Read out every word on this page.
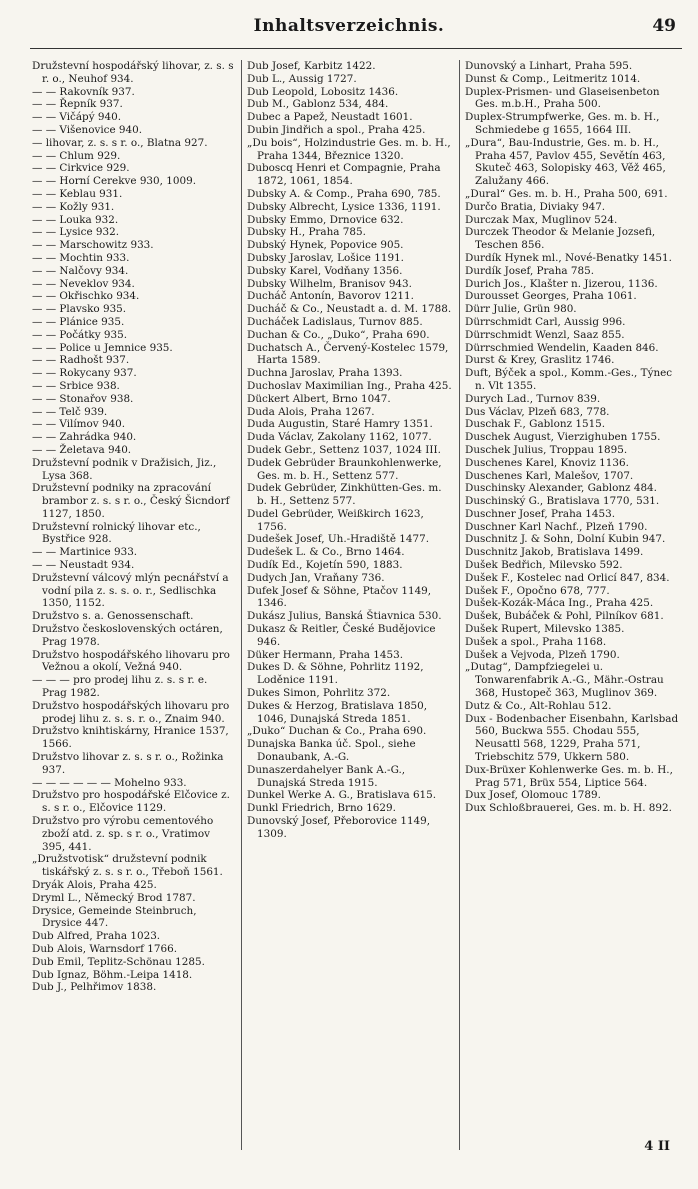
Inhaltsverzeichnis.	49

Družstevní hospodářský lihovar, z. s. s r. o., Neuhof 934.

— — Rakovník 937.

— — Řepník 937.

— — Vičápý 940.

— — Višenovice 940.

— lihovar, z. s. s r. o., Blatna 927.

— — Chlum 929.

— — Cirkvice 929.

— — Horní Cerekve 930, 1009.

— — Keblau 931.

— — Kožly 931.

— — Louka 932.

— — Lysice 932.

— — Marschowitz 933.

— — Mochtin 933.

— — Nalčovy 934.

— — Neveklov 934.

— — Okřischko 934.

— — Plavsko 935.

— — Plánice 935.

— — Počátky 935.

— — Police u Jemnice 935.

— — Radhošt 937.

— — Rokycany 937.

— — Srbice 938.

— — Stonařov 938.

— — Telč 939.

— — Vilímov 940.

— — Zahrádka 940.

— — Želetava 940.

Družstevní podnik v Dražisich, Jiz., Lysa 368.

Družstevní podniky na zpracování brambor z. s. s r. o., Český Šicndorf 1127, 1850.

Družstevní rolnický lihovar etc., Bystřice 928.

— — Martinice 933.

— — Neustadt 934.

Družstevní válcový mlýn pecnářství a vodní pila z. s. s. o. r., Sedlischka 1350, 1152.

Družstvo s. a. Genossenschaft.

Družstvo československých octáren, Prag 1978.

Družstvo hospodářského lihovaru pro Vežnou a okolí, Vežná 940.

— — — pro prodej lihu z. s. s r. e. Prag 1982.

Družstvo hospodářských lihovaru pro prodej lihu z. s. s. r. o., Znaim 940.

Družstvo knihtiskárny, Hranice 1537, 1566.

Družstvo lihovar z. s. s r. o., Rožinka 937.

— — — — — — Mohelno 933.

Družstvo pro hospodářské Elčovice z. s. s r. o., Elčovice 1129.

Družstvo pro výrobu cementového zboží atd. z. sp. s r. o., Vratimov 395, 441.

„Družstvotisk“ družstevní podnik tiskářský z. s. s r. o., Třeboň 1561.

Dryák Alois, Praha 425.

Dryml L., Německý Brod 1787.

Drysice, Gemeinde Steinbruch, Drysice 447.

Dub Alfred, Praha 1023.

Dub Alois, Warnsdorf 1766.

Dub Emil, Teplitz-Schönau 1285.

Dub Ignaz, Böhm.-Leipa 1418.

Dub J., Pelhřimov 1838.

Dub Josef, Karbitz 1422.

Dub L., Aussig 1727.

Dub Leopold, Lobositz 1436.

Dub M., Gablonz 534, 484.

Dubec a Papež, Neustadt 1601.

Dubin Jindřich a spol., Praha 425.

„Du bois“, Holzindustrie Ges. m. b. H., Praha 1344, Březnice 1320.

Duboscq Henri et Compagnie, Praha 1872, 1061, 1854.

Dubsky A. & Comp., Praha 690, 785.

Dubsky Albrecht, Lysice 1336, 1191.

Dubsky Emmo, Drnovice 632.

Dubsky H., Praha 785.

Dubský Hynek, Popovice 905.

Dubsky Jaroslav, Lošice 1191.

Dubsky Karel, Vodňany 1356.

Dubsky Wilhelm, Branisov 943.

Ducháč Antonín, Bavorov 1211.

Ducháč & Co., Neustadt a. d. M. 1788.

Ducháček Ladislaus, Turnov 885.

Duchan & Co., „Duko“, Praha 690.

Duchatsch A., Červený-Kostelec 1579, Harta 1589.

Duchna Jaroslav, Praha 1393.

Duchoslav Maximilian Ing., Praha 425.

Dückert Albert, Brno 1047.

Duda Alois, Praha 1267.

Duda Augustin, Staré Hamry 1351.

Duda Václav, Zakolany 1162, 1077.

Dudek Gebr., Settenz 1037, 1024 III.

Dudek Gebrüder Braunkohlenwerke, Ges. m. b. H., Settenz 577.

Dudek Gebrüder, Zinkhütten-Ges. m. b. H., Settenz 577.

Dudel Gebrüder, Weißkirch 1623, 1756.

Dudešek Josef, Uh.-Hradiště 1477.

Dudešek L. & Co., Brno 1464.

Dudík Ed., Kojetín 590, 1883.

Dudych Jan, Vraňany 736.

Dufek Josef & Söhne, Ptačov 1149, 1346.

Dukász Julius, Banská Štiavnica 530.

Dukasz & Reitler, České Budějovice 946.

Düker Hermann, Praha 1453.

Dukes D. & Söhne, Pohrlitz 1192, Loděnice 1191.

Dukes Simon, Pohrlitz 372.

Dukes & Herzog, Bratislava 1850, 1046, Dunajská Streda 1851.

„Duko“ Duchan & Co., Praha 690.

Dunajska Banka úč. Spol., siehe Donaubank, A.-G.

Dunaszerdahelyer Bank A.-G., Dunajská Streda 1915.

Dunkel Werke A. G., Bratislava 615.

Dunkl Friedrich, Brno 1629.

Dunovský Josef, Přeborovice 1149, 1309.

Dunovský a Linhart, Praha 595.

Dunst & Comp., Leitmeritz 1014.

Duplex-Prismen- und Glaseisenbeton Ges. m.b.H., Praha 500.

Duplex-Strumpfwerke, Ges. m. b. H., Schmiedebe g 1655, 1664 III.

„Dura“, Bau-Industrie, Ges. m. b. H., Praha 457, Pavlov 455, Sevětín 463, Skuteč 463, Solopisky 463, Věž 465, Zalužany 466.

„Dural“ Ges. m. b. H., Praha 500, 691.

Durčo Bratia, Diviaky 947.

Durczak Max, Muglinov 524.

Durczek Theodor & Melanie Jozsefi, Teschen 856.

Durdík Hynek ml., Nové-Benatky 1451.

Durdík Josef, Praha 785.

Durich Jos., Klašter n. Jizerou, 1136.

Durousset Georges, Praha 1061.

Dürr Julie, Grün 980.

Dürrschmidt Carl, Aussig 996.

Dürrschmidt Wenzl, Saaz 855.

Dürrschmied Wendelin, Kaaden 846.

Durst & Krey, Graslitz 1746.

Duft, Býček a spol., Komm.-Ges., Týnec n. Vlt 1355.

Durych Lad., Turnov 839.

Dus Václav, Plzeň 683, 778.

Duschak F., Gablonz 1515.

Duschek August, Vierzighuben 1755.

Duschek Julius, Troppau 1895.

Duschenes Karel, Knoviz 1136.

Duschenes Karl, Malešov, 1707.

Duschinsky Alexander, Gablonz 484.

Duschinský G., Bratislava 1770, 531.

Duschner Josef, Praha 1453.

Duschner Karl Nachf., Plzeň 1790.

Duschnitz J. & Sohn, Dolní Kubin 947.

Duschnitz Jakob, Bratislava 1499.

Dušek Bedřich, Milevsko 592.

Dušek F., Kostelec nad Orlicí 847, 834.

Dušek F., Opočno 678, 777.

Dušek-Kozák-Máca Ing., Praha 425.

Dušek, Bubáček & Pohl, Pilníkov 681.

Dušek Rupert, Milevsko 1385.

Dušek a spol., Praha 1168.

Dušek a Vejvoda, Plzeň 1790.

„Dutag“, Dampfziegelei u. Tonwarenfabrik A.-G., Mähr.-Ostrau 368, Hustopeč 363, Muglinov 369.

Dutz & Co., Alt-Rohlau 512.

Dux - Bodenbacher Eisenbahn, Karlsbad 560, Buckwa 555. Chodau 555, Neusattl 568, 1229, Praha 571, Triebschitz 579, Ukkern 580.

Dux-Brüxer Kohlenwerke Ges. m. b. H., Prag 571, Brüx 554, Liptice 564.

Dux Josef, Olomouc 1789.

Dux Schloßbrauerei, Ges. m. b. H. 892.

4 II
